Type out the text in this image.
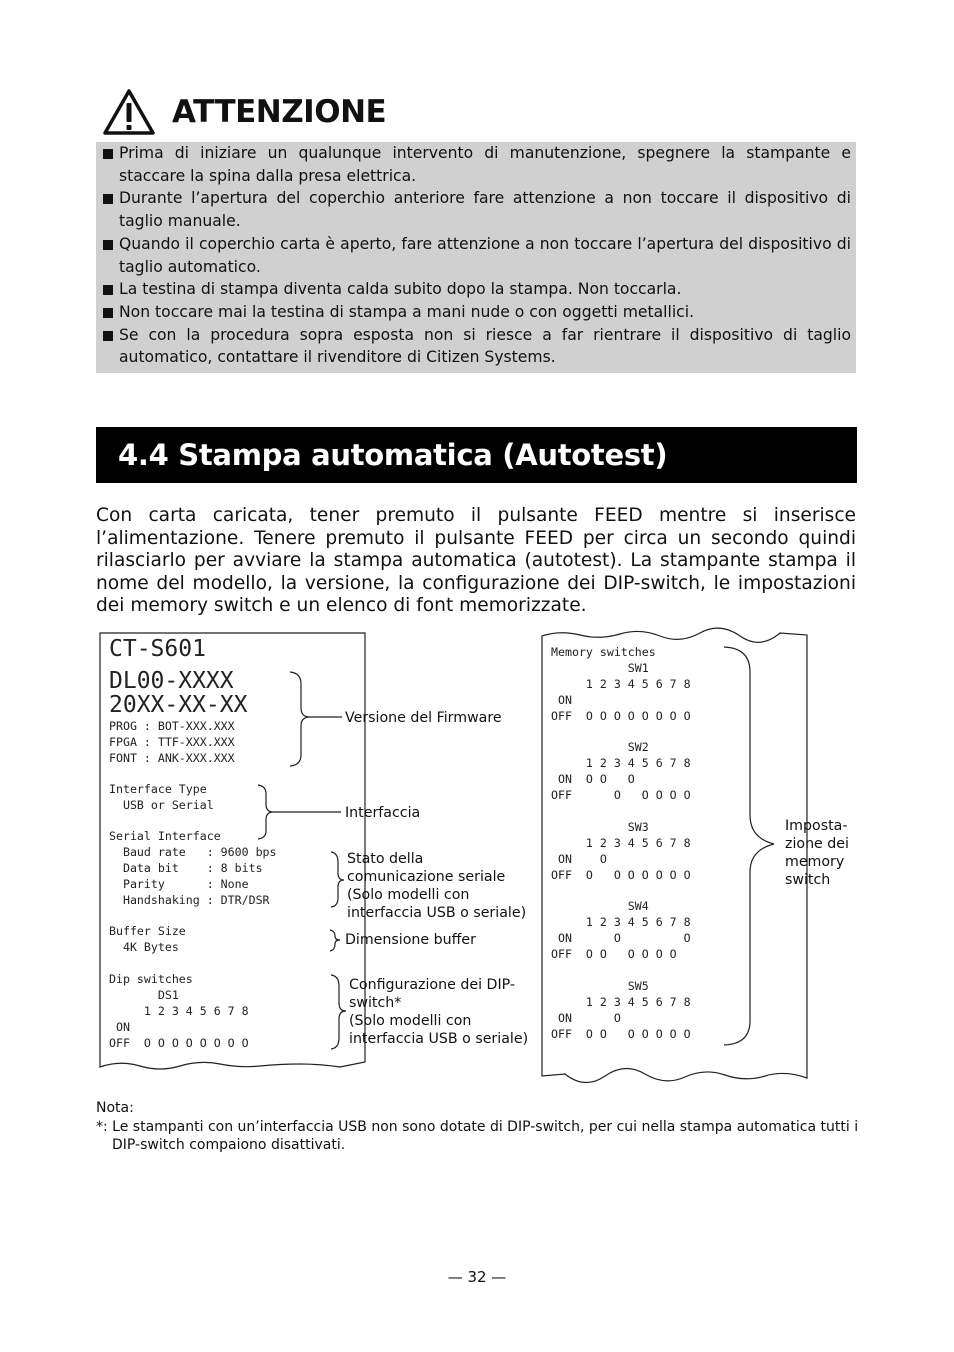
ATTENZIONE
Prima di iniziare un qualunque intervento di manutenzione, spegnere la stampante e staccare la spina dalla presa elettrica.
Durante l’apertura del coperchio anteriore fare attenzione a non toccare il dispositivo di taglio manuale.
Quando il coperchio carta è aperto, fare attenzione a non toccare l’apertura del dispositivo di taglio automatico.
La testina di stampa diventa calda subito dopo la stampa. Non toccarla.
Non toccare mai la testina di stampa a mani nude o con oggetti metallici.
Se con la procedura sopra esposta non si riesce a far rientrare il dispositivo di taglio automatico, contattare il rivenditore di Citizen Systems.
4.4 Stampa automatica (Autotest)

Con carta caricata, tener premuto il pulsante FEED mentre si inserisce l’alimentazione. Tenere premuto il pulsante FEED per circa un secondo quindi rilasciarlo per avviare la stampa automatica (autotest). La stampante stampa il nome del modello, la versione, la configurazione dei DIP-switch, le impostazioni

dei memory switch e un elenco di font memorizzate.

CT-S601
DL00-XXXX
20XX-XX-XX
PROG : BOT-XXX.XXX
FPGA : TTF-XXX.XXX
FONT : ANK-XXX.XXX
Interface Type
USB or Serial
Serial Interface
Baud rate   : 9600 bps
Data bit    : 8 bits
Parity      : None
Handshaking : DTR/DSR
Buffer Size
4K Bytes
Dip switches
DS1
1 2 3 4 5 6 7 8
ON
OFF  O O O O O O O O
Memory switches
SW1
1 2 3 4 5 6 7 8
ON
OFF  O O O O O O O O
SW2
1 2 3 4 5 6 7 8
ON  O O   O
OFF      O   O O O O
SW3
1 2 3 4 5 6 7 8
ON    O
OFF  O   O O O O O O
SW4
1 2 3 4 5 6 7 8
ON      O         O
OFF  O O   O O O O
SW5
1 2 3 4 5 6 7 8
ON      O
OFF  O O   O O O O O
Versione del Firmware
Interfaccia
Stato della
comunicazione seriale
(Solo modelli con
interfaccia USB o seriale)
Dimensione buffer
Configurazione dei DIP-
switch*
(Solo modelli con
interfaccia USB o seriale)
Imposta-
zione dei
memory
switch
Nota:
*: Le stampanti con un’interfaccia USB non sono dotate di DIP-switch, per cui nella stampa automatica tutti i DIP-switch compaiono disattivati.
— 32 —
